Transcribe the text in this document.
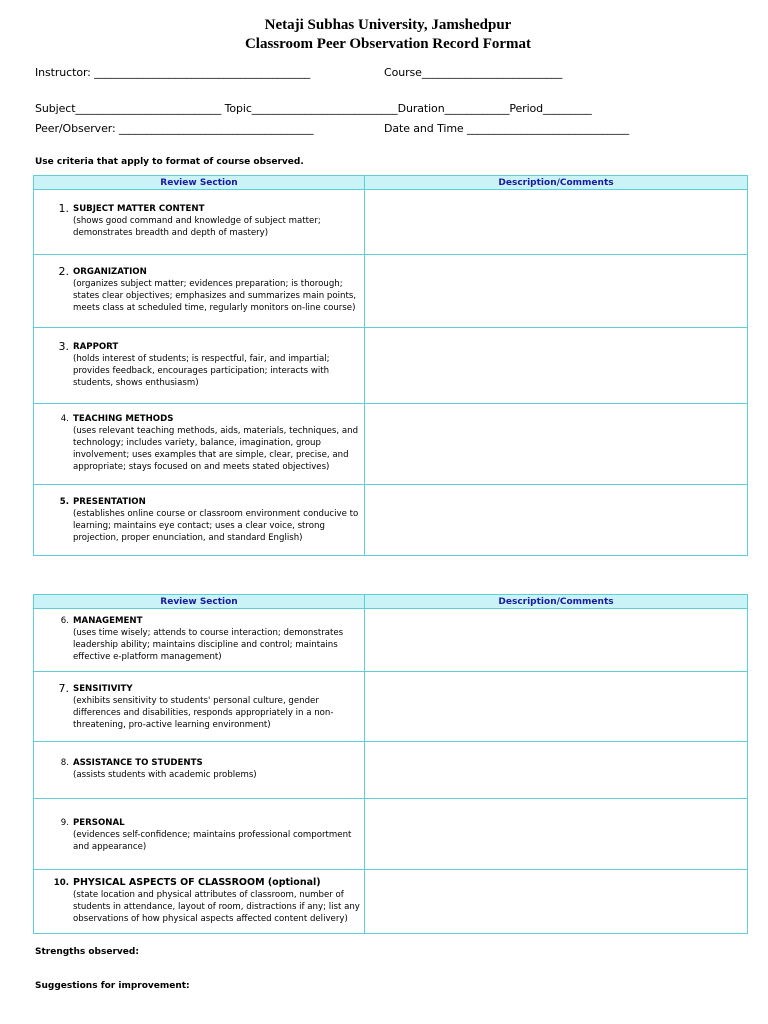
Netaji Subhas University, Jamshedpur
Classroom Peer Observation Record Format
Instructor: ________________________________________	Course__________________________
Subject___________________________ Topic___________________________Duration____________Period_________
Peer/Observer: ____________________________________	Date and Time ______________________________
Use criteria that apply to format of course observed.
Review Section	Description/Comments

1. SUBJECT MATTER CONTENT
(shows good command and knowledge of subject matter; demonstrates breadth and depth of mastery)	

2. ORGANIZATION
(organizes subject matter; evidences preparation; is thorough; states clear objectives; emphasizes and summarizes main points, meets class at scheduled time, regularly monitors on-line course)	

3. RAPPORT
(holds interest of students; is respectful, fair, and impartial; provides feedback, encourages participation; interacts with students, shows enthusiasm)	

4. TEACHING METHODS
(uses relevant teaching methods, aids, materials, techniques, and technology; includes variety, balance, imagination, group involvement; uses examples that are simple, clear, precise, and appropriate; stays focused on and meets stated objectives)	

5. PRESENTATION
(establishes online course or classroom environment conducive to learning; maintains eye contact; uses a clear voice, strong projection, proper enunciation, and standard English)	

Review Section	Description/Comments

6. MANAGEMENT
(uses time wisely; attends to course interaction; demonstrates leadership ability; maintains discipline and control; maintains effective e-platform management)	

7. SENSITIVITY
(exhibits sensitivity to students' personal culture, gender differences and disabilities, responds appropriately in a non-threatening, pro-active learning environment)	

8. ASSISTANCE TO STUDENTS
(assists students with academic problems)	

9. PERSONAL
(evidences self-confidence; maintains professional comportment and appearance)	

10. PHYSICAL ASPECTS OF CLASSROOM (optional)
(state location and physical attributes of classroom, number of students in attendance, layout of room, distractions if any; list any observations of how physical aspects affected content delivery)	

Strengths observed:
Suggestions for improvement:
